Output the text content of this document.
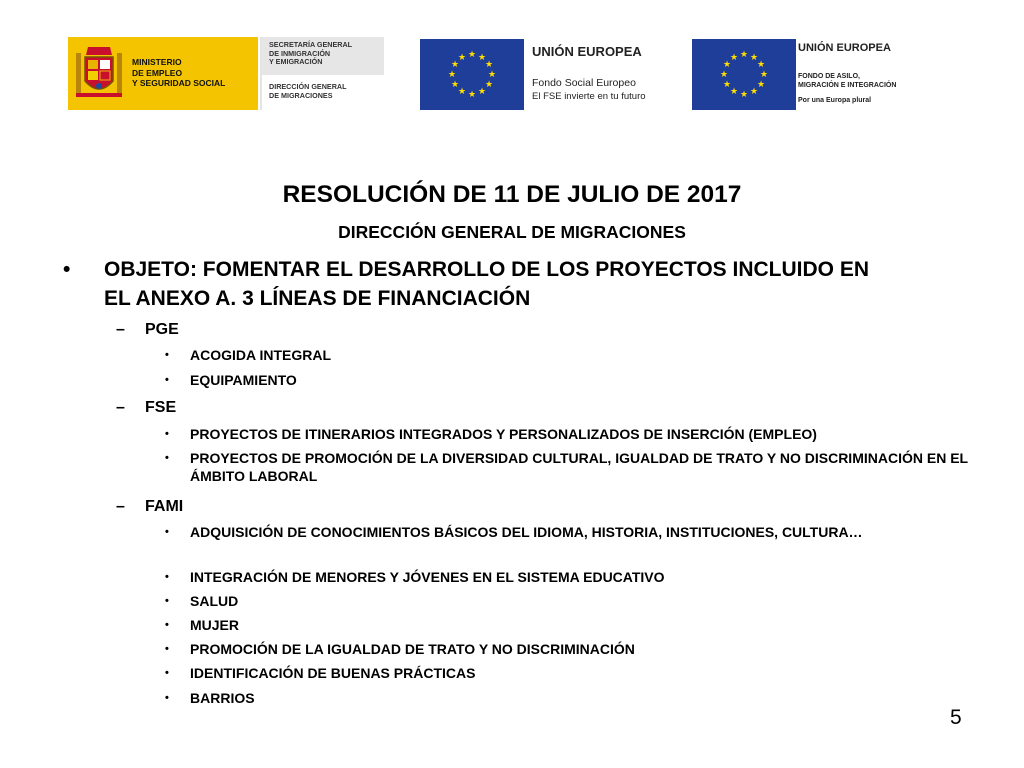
MINISTERIO
DE EMPLEO
Y SEGURIDAD SOCIAL
SECRETARÍA GENERAL
DE INMIGRACIÓN
Y EMIGRACIÓN
DIRECCIÓN GENERAL
DE MIGRACIONES
★ ★
★
★
★
★
★
★
★
★
★
★	UNIÓN EUROPEA
Fondo Social Europeo
El FSE invierte en tu futuro
★ ★
★
★
★
★
★
★
★
★
★
★
UNIÓN EUROPEA
FONDO DE ASILO,
MIGRACIÓN E INTEGRACIÓN
Por una Europa plural
RESOLUCIÓN DE 11 DE JULIO DE 2017
DIRECCIÓN GENERAL DE MIGRACIONES
• OBJETO: FOMENTAR EL DESARROLLO DE LOS PROYECTOS INCLUIDO EN EL ANEXO A. 3 LÍNEAS DE FINANCIACIÓN
– PGE
• ACOGIDA INTEGRAL
• EQUIPAMIENTO
– FSE
• PROYECTOS DE ITINERARIOS INTEGRADOS Y PERSONALIZADOS DE INSERCIÓN (EMPLEO)
• PROYECTOS DE PROMOCIÓN DE LA DIVERSIDAD CULTURAL, IGUALDAD DE TRATO Y NO DISCRIMINACIÓN EN EL ÁMBITO LABORAL
– FAMI
• ADQUISICIÓN DE CONOCIMIENTOS BÁSICOS DEL IDIOMA, HISTORIA, INSTITUCIONES, CULTURA…
• INTEGRACIÓN DE MENORES Y JÓVENES EN EL SISTEMA EDUCATIVO
• SALUD
• MUJER
• PROMOCIÓN DE LA IGUALDAD DE TRATO Y NO DISCRIMINACIÓN
• IDENTIFICACIÓN DE BUENAS PRÁCTICAS
• BARRIOS
5
